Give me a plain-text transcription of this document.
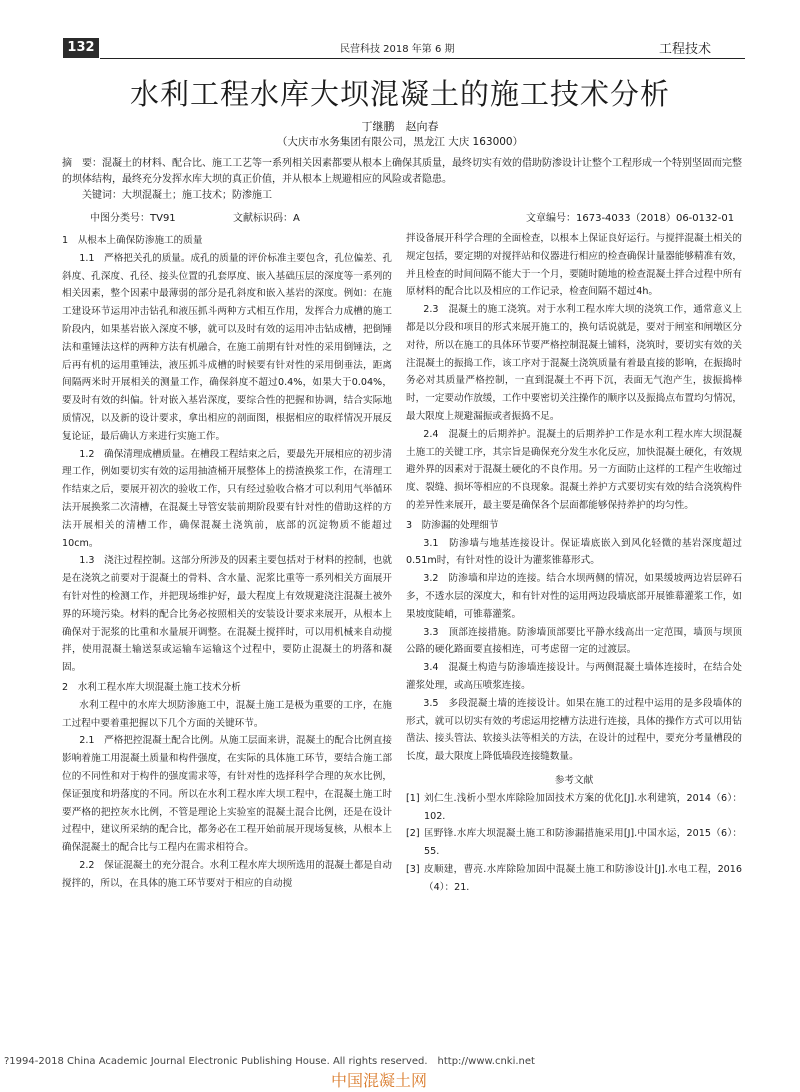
132	民营科技 2018 年第 6 期	工程技术
水利工程水库大坝混凝土的施工技术分析
丁继鹏　赵向春
（大庆市水务集团有限公司，黑龙江 大庆 163000）

摘　要：混凝土的材料、配合比、施工工艺等一系列相关因素都要从根本上确保其质量，最终切实有效的借助防渗设计让整个工程形成一个特别坚固而完整的坝体结构，最终充分发挥水库大坝的真正价值，并从根本上规避相应的风险或者隐患。

关键词：大坝混凝土；施工技术；防渗施工

中图分类号：TV91	文献标识码：A	文章编号：1673-4033（2018）06-0132-01

1　从根本上确保防渗施工的质量

1.1　严格把关孔的质量。成孔的质量的评价标准主要包含，孔位偏差、孔斜度、孔深度、孔径、接头位置的孔套厚度、嵌入基础压层的深度等一系列的相关因素，整个因素中最薄弱的部分是孔斜度和嵌入基岩的深度。例如：在施工建设环节运用冲击钻孔和液压抓斗两种方式相互作用，发挥合力成槽的施工阶段内，如果基岩嵌入深度不够，就可以及时有效的运用冲击钻成槽，把倒锤法和重锤法这样的两种方法有机融合，在施工前期有针对性的采用倒锤法，之后再有机的运用重锤法，液压抓斗成槽的时候要有针对性的采用倒垂法，距离间隔两米时开展相关的测量工作，确保斜度不超过0.4%，如果大于0.04%，要及时有效的纠偏。针对嵌入基岩深度，要综合性的把握和协调，结合实际地质情况，以及新的设计要求，拿出相应的剖面图，根据相应的取样情况开展反复论证，最后确认方来进行实施工作。

1.2　确保清理成槽质量。在槽段工程结束之后，要最先开展相应的初步清理工作，例如要切实有效的运用抽渣桶开展整体上的捞渣换浆工作，在清理工作结束之后，要展开初次的验收工作，只有经过验收合格才可以利用气举循环法开展换浆二次清槽，在混凝土导管安装前期阶段要有针对性的借助这样的方法开展相关的清槽工作，确保混凝土浇筑前，底部的沉淀物质不能超过10cm。

1.3　浇注过程控制。这部分所涉及的因素主要包括对于材料的控制，也就是在浇筑之前要对于混凝土的骨料、含水量、泥浆比重等一系列相关方面展开有针对性的检测工作，并把现场维护好，最大程度上有效规避浇注混凝土被外界的环境污染。材料的配合比务必按照相关的安装设计要求来展开，从根本上确保对于泥浆的比重和水量展开调整。在混凝土搅拌时，可以用机械来自动搅拌，使用混凝土输送泵或运输车运输这个过程中，要防止混凝土的坍落和凝固。

2　水利工程水库大坝混凝土施工技术分析

水利工程中的水库大坝防渗施工中，混凝土施工是极为重要的工序，在施工过程中要着重把握以下几个方面的关键环节。

2.1　严格把控混凝土配合比例。从施工层面来讲，混凝土的配合比例直接影响着施工用混凝土质量和构件强度，在实际的具体施工环节，要结合施工部位的不同性和对于构件的强度需求等，有针对性的选择科学合理的灰水比例，保证强度和坍落度的不同。所以在水利工程水库大坝工程中，在混凝土施工时要严格的把控灰水比例，不管是理论上实验室的混凝土混合比例，还是在设计过程中，建议所采纳的配合比，都务必在工程开始前展开现场复核，从根本上确保混凝土的配合比与工程内在需求相符合。

2.2　保证混凝土的充分混合。水利工程水库大坝所选用的混凝土都是自动搅拌的，所以，在具体的施工环节要对于相应的自动搅

拌设备展开科学合理的全面检查，以根本上保证良好运行。与搅拌混凝土相关的规定包括，要定期的对搅拌站和仪器进行相应的检查确保计量器能够精准有效，并且检查的时间间隔不能大于一个月，要随时随地的检查混凝土拌合过程中所有原材料的配合比以及相应的工作记录，检查间隔不超过4h。

2.3　混凝土的施工浇筑。对于水利工程水库大坝的浇筑工作，通常意义上都是以分段和项目的形式来展开施工的，换句话说就是，要对于闸室和闸墩区分对待，所以在施工的具体环节要严格控制混凝土铺料，浇筑时，要切实有效的关注混凝土的振捣工作，该工序对于混凝土浇筑质量有着最直接的影响，在振捣时务必对其质量严格控制，一直到混凝土不再下沉，表面无气泡产生，拔振捣棒时，一定要动作放缓，工作中要密切关注操作的顺序以及振捣点布置均匀情况，最大限度上规避漏振或者振捣不足。

2.4　混凝土的后期养护。混凝土的后期养护工作是水利工程水库大坝混凝土施工的关键工序，其宗旨是确保充分发生水化反应，加快混凝土硬化，有效规避外界的因素对于混凝土硬化的不良作用。另一方面防止这样的工程产生收缩过度、裂缝、损坏等相应的不良现象。混凝土养护方式要切实有效的结合浇筑构件的差异性来展开，最主要是确保各个层面都能够保持养护的均匀性。

3　防渗漏的处理细节

3.1　防渗墙与地基连接设计。保证墙底嵌入到风化轻微的基岩深度超过0.51m时，有针对性的设计为灌浆锥幕形式。

3.2　防渗墙和岸边的连接。结合水坝两侧的情况，如果缓坡两边岩层碎石多，不透水层的深度大，和有针对性的运用两边段墙底部开展锥幕灌浆工作，如果坡度陡峭，可锥幕灌浆。

3.3　顶部连接措施。防渗墙顶部要比平静水线高出一定范围，墙顶与坝顶公路的硬化路面要直接相连，可考虑留一定的过渡层。

3.4　混凝土构造与防渗墙连接设计。与两侧混凝土墙体连接时，在结合处灌浆处理，或高压喷浆连接。

3.5　多段混凝土墙的连接设计。如果在施工的过程中运用的是多段墙体的形式，就可以切实有效的考虑运用挖槽方法进行连接，具体的操作方式可以用钻凿法、接头管法、软接头法等相关的方法，在设计的过程中，要充分考量槽段的长度，最大限度上降低墙段连接缝数量。

参考文献
[1] 刘仁生.浅析小型水库除险加固技术方案的优化[J].水利建筑，2014（6）：102.
[2] 匡野锋.水库大坝混凝土施工和防渗漏措施采用[J].中国水运，2015（6）：55.
[3] 皮顺建，曹亮.水库除险加固中混凝土施工和防渗设计[J].水电工程，2016（4）：21.
?1994-2018 China Academic Journal Electronic Publishing House. All rights reserved.　http://www.cnki.net
中国混凝土网
